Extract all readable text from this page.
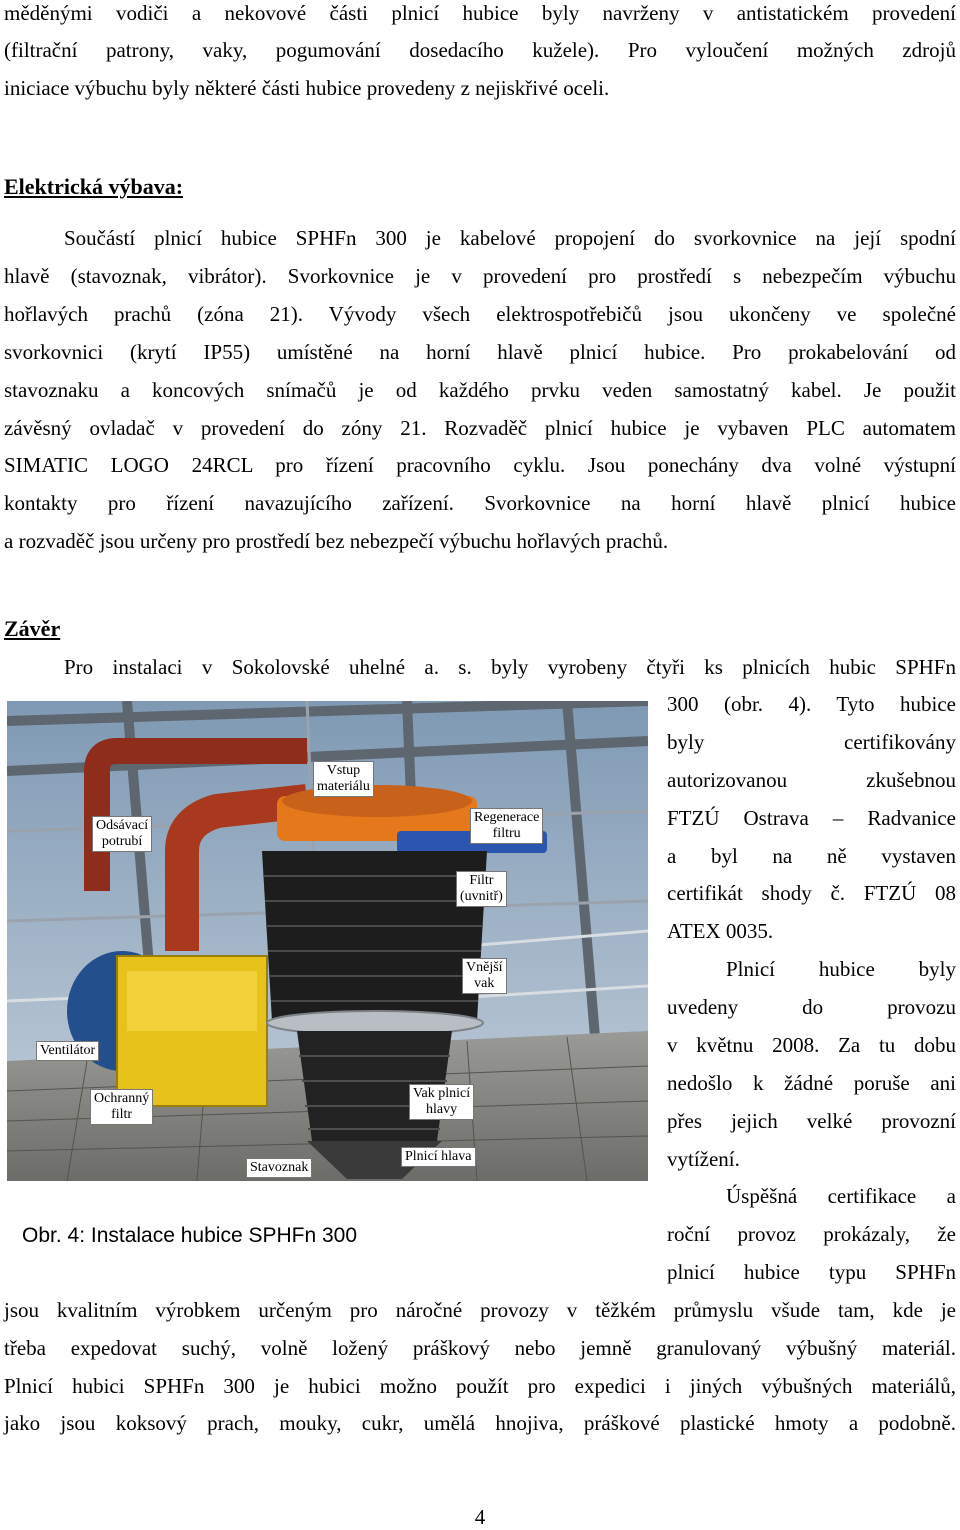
měděnými vodiči a nekovové části plnicí hubice byly navrženy v antistatickém provedení
(filtrační patrony, vaky, pogumování dosedacího kužele). Pro vyloučení možných zdrojů
iniciace výbuchu byly některé části hubice provedeny z nejiskřivé oceli.
Elektrická výbava:
Součástí plnicí hubice SPHFn 300 je kabelové propojení do svorkovnice na její spodní
hlavě (stavoznak, vibrátor). Svorkovnice je v provedení pro prostředí s nebezpečím výbuchu
hořlavých prachů (zóna 21). Vývody všech elektrospotřebičů jsou ukončeny ve společné
svorkovnici (krytí IP55) umístěné na horní hlavě plnicí hubice. Pro prokabelování od
stavoznaku a koncových snímačů je od každého prvku veden samostatný kabel. Je použit
závěsný ovladač v provedení do zóny 21. Rozvaděč plnicí hubice je vybaven PLC automatem
SIMATIC LOGO 24RCL pro řízení pracovního cyklu. Jsou ponechány dva volné výstupní
kontakty pro řízení navazujícího zařízení. Svorkovnice na horní hlavě plnicí hubice
a rozvaděč jsou určeny pro prostředí bez nebezpečí výbuchu hořlavých prachů.
Závěr
Pro instalaci v Sokolovské uhelné a. s. byly vyrobeny čtyři ks plnicích hubic SPHFn
Vstup
materiálu
Regenerace
filtru
Odsávací
potrubí
Filtr
(uvnitř)
Vnější
vak
Ventilátor
Ochranný
filtr
Vak plnicí
hlavy
Stavoznak
Plnicí hlava
Obr. 4: Instalace hubice SPHFn 300
300 (obr. 4). Tyto hubice
byly certifikovány
autorizovanou zkušebnou
FTZÚ Ostrava – Radvanice
a byl na ně vystaven
certifikát shody č. FTZÚ 08
ATEX 0035.
Plnicí hubice byly
uvedeny do provozu
v květnu 2008. Za tu dobu
nedošlo k žádné poruše ani
přes jejich velké provozní
vytížení.
Úspěšná certifikace a
roční provoz prokázaly, že
plnicí hubice typu SPHFn
jsou kvalitním výrobkem určeným pro náročné provozy v těžkém průmyslu všude tam, kde je
třeba expedovat suchý, volně ložený práškový nebo jemně granulovaný výbušný materiál.
Plnicí hubici SPHFn 300 je hubici možno použít pro expedici i jiných výbušných materiálů,
jako jsou koksový prach, mouky, cukr, umělá hnojiva, práškové plastické hmoty a podobně.
4
